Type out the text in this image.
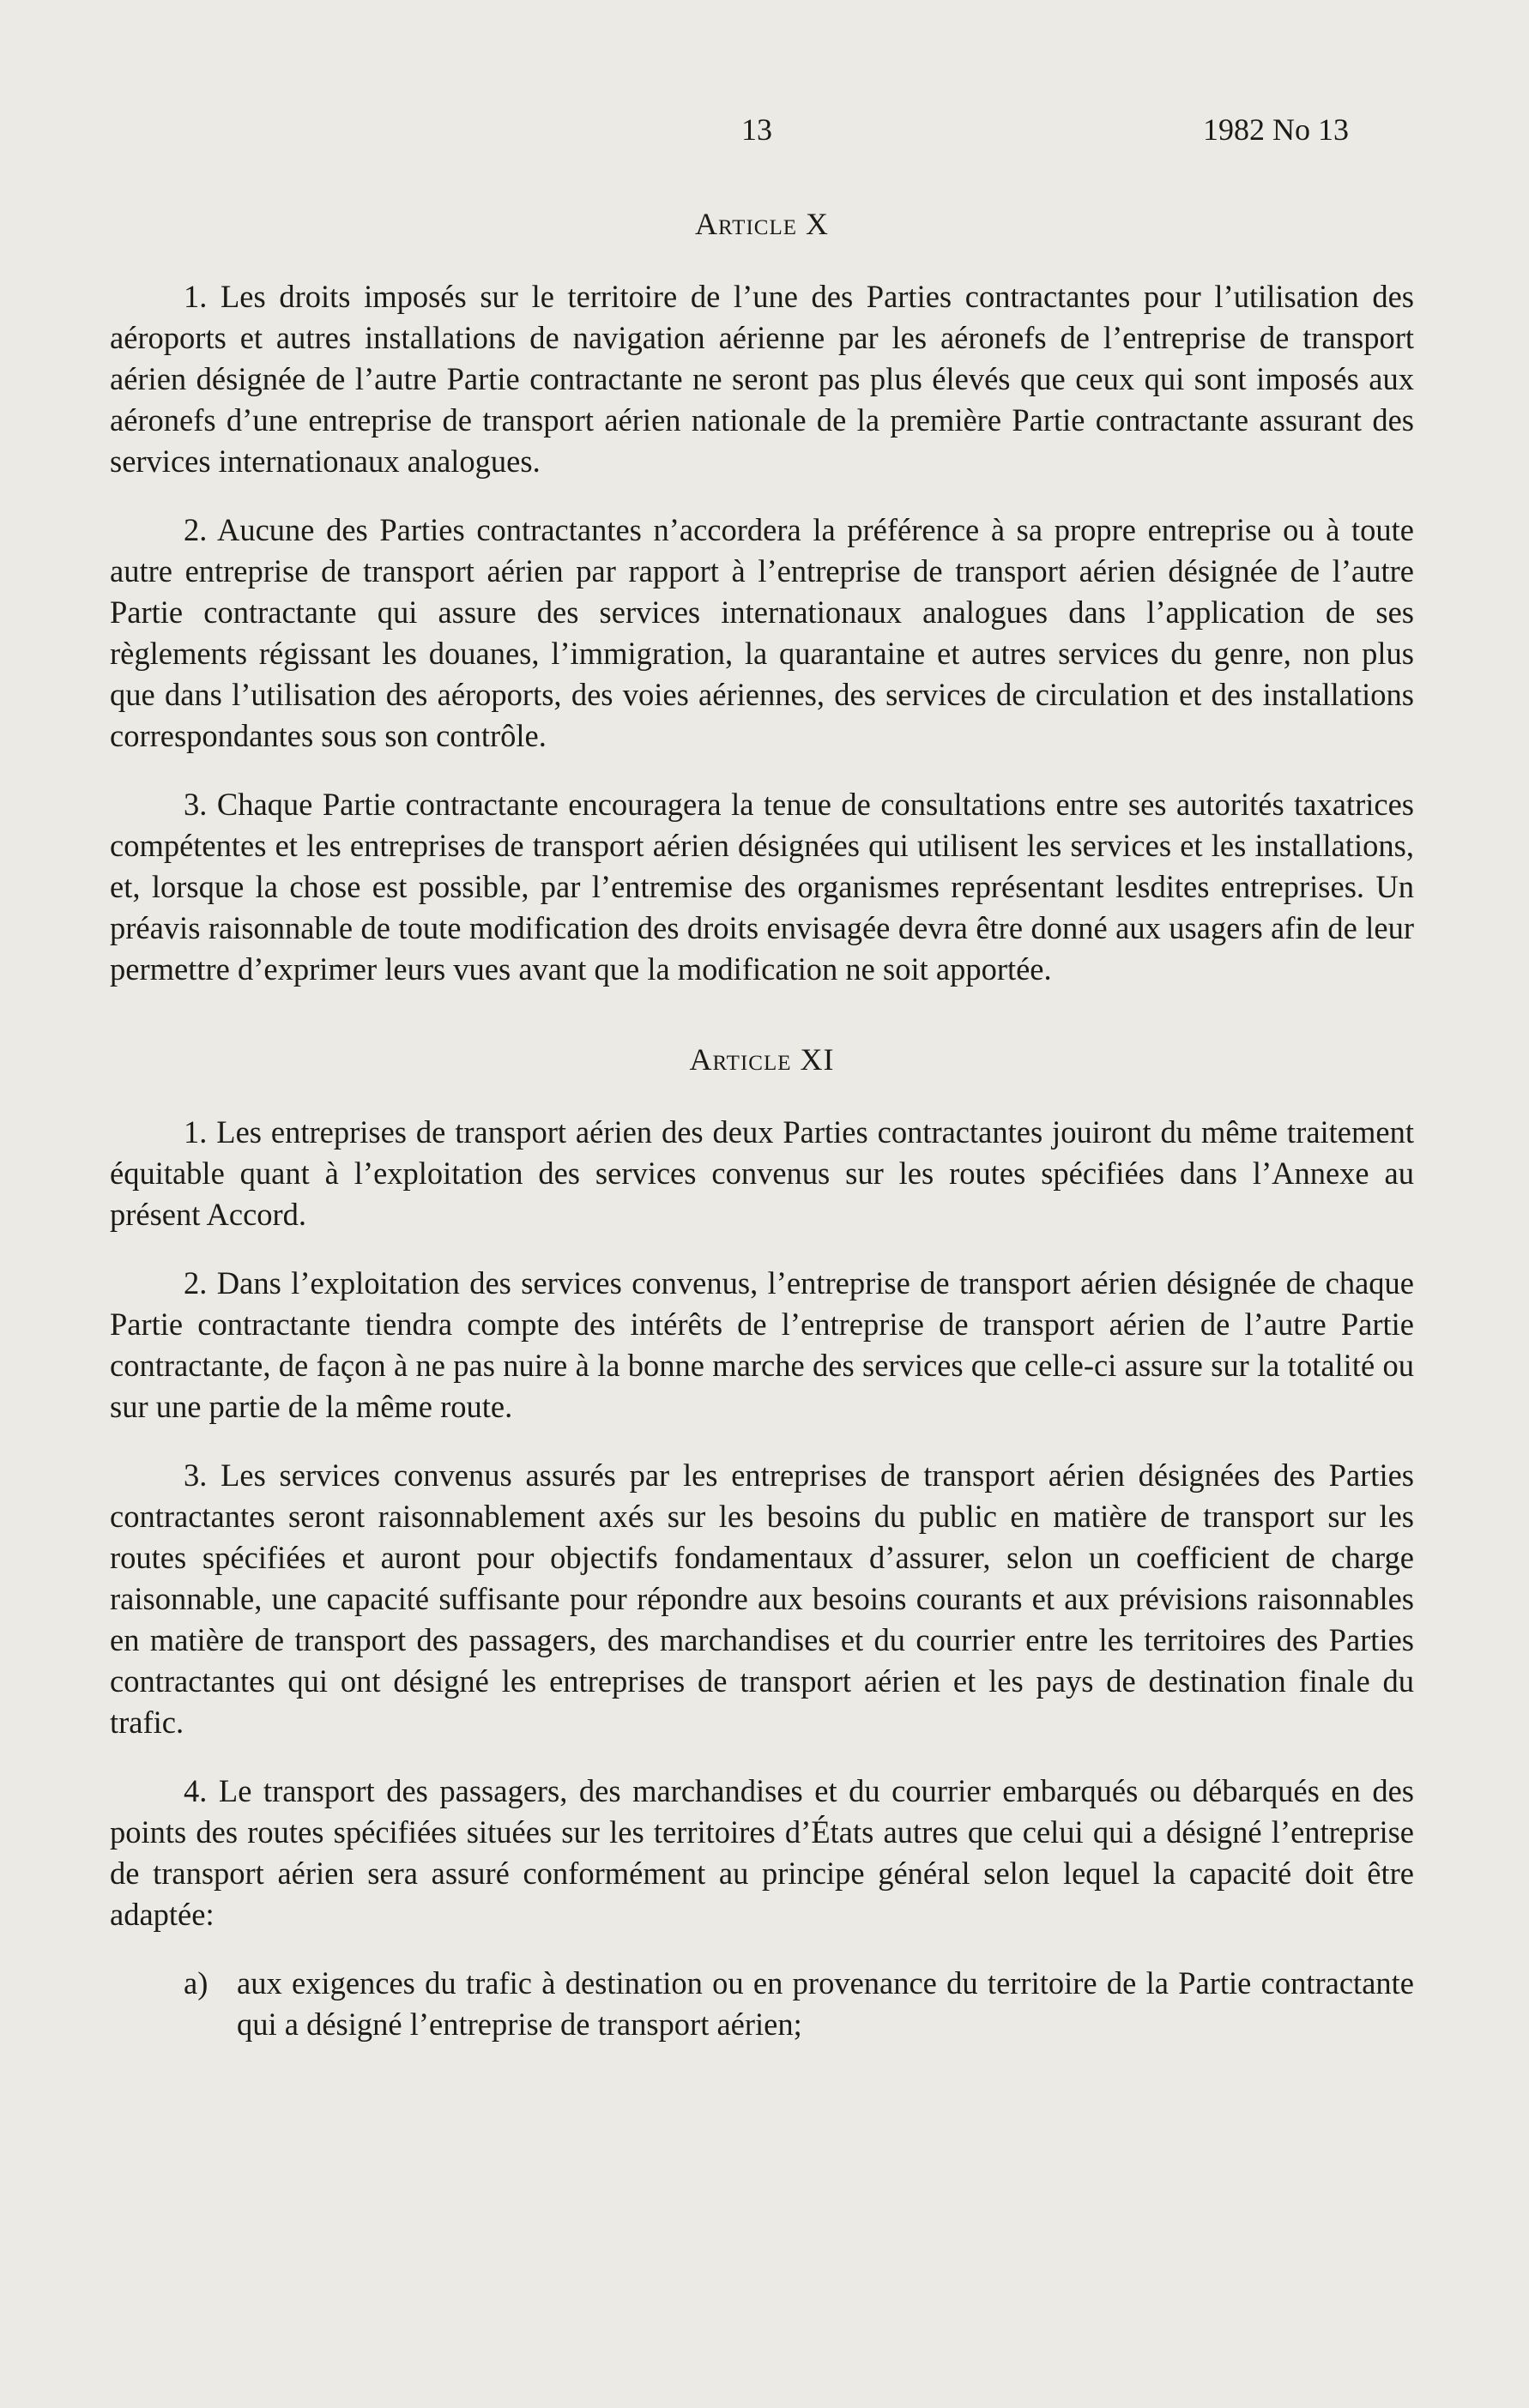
13	1982 No 13
Article X

1. Les droits imposés sur le territoire de l’une des Parties contractantes pour l’utilisation des aéroports et autres installations de navigation aérienne par les aéronefs de l’entreprise de transport aérien désignée de l’autre Partie contractante ne seront pas plus élevés que ceux qui sont imposés aux aéronefs d’une entreprise de transport aérien nationale de la première Partie contractante assurant des services internationaux analogues.

2. Aucune des Parties contractantes n’accordera la préférence à sa propre entreprise ou à toute autre entreprise de transport aérien par rapport à l’entreprise de transport aérien désignée de l’autre Partie contractante qui assure des services internationaux analogues dans l’application de ses règlements régissant les douanes, l’immigration, la quarantaine et autres services du genre, non plus que dans l’utilisation des aéroports, des voies aériennes, des services de circulation et des installations correspondantes sous son contrôle.

3. Chaque Partie contractante encouragera la tenue de consultations entre ses autorités taxatrices compétentes et les entreprises de transport aérien désignées qui utilisent les services et les installations, et, lorsque la chose est possible, par l’entremise des organismes représentant lesdites entreprises. Un préavis raisonnable de toute modification des droits envisagée devra être donné aux usagers afin de leur permettre d’exprimer leurs vues avant que la modification ne soit apportée.

Article XI

1. Les entreprises de transport aérien des deux Parties contractantes jouiront du même traitement équitable quant à l’exploitation des services convenus sur les routes spécifiées dans l’Annexe au présent Accord.

2. Dans l’exploitation des services convenus, l’entreprise de transport aérien désignée de chaque Partie contractante tiendra compte des intérêts de l’entreprise de transport aérien de l’autre Partie contractante, de façon à ne pas nuire à la bonne marche des services que celle-ci assure sur la totalité ou sur une partie de la même route.

3. Les services convenus assurés par les entreprises de transport aérien désignées des Parties contractantes seront raisonnablement axés sur les besoins du public en matière de transport sur les routes spécifiées et auront pour objectifs fondamentaux d’assurer, selon un coefficient de charge raisonnable, une capacité suffisante pour répondre aux besoins courants et aux prévisions raisonnables en matière de transport des passagers, des marchandises et du courrier entre les territoires des Parties contractantes qui ont désigné les entreprises de transport aérien et les pays de destination finale du trafic.

4. Le transport des passagers, des marchandises et du courrier embarqués ou débarqués en des points des routes spécifiées situées sur les territoires d’États autres que celui qui a désigné l’entreprise de transport aérien sera assuré conformément au principe général selon lequel la capacité doit être adaptée:

a) aux exigences du trafic à destination ou en provenance du territoire de la Partie contractante qui a désigné l’entreprise de transport aérien;
